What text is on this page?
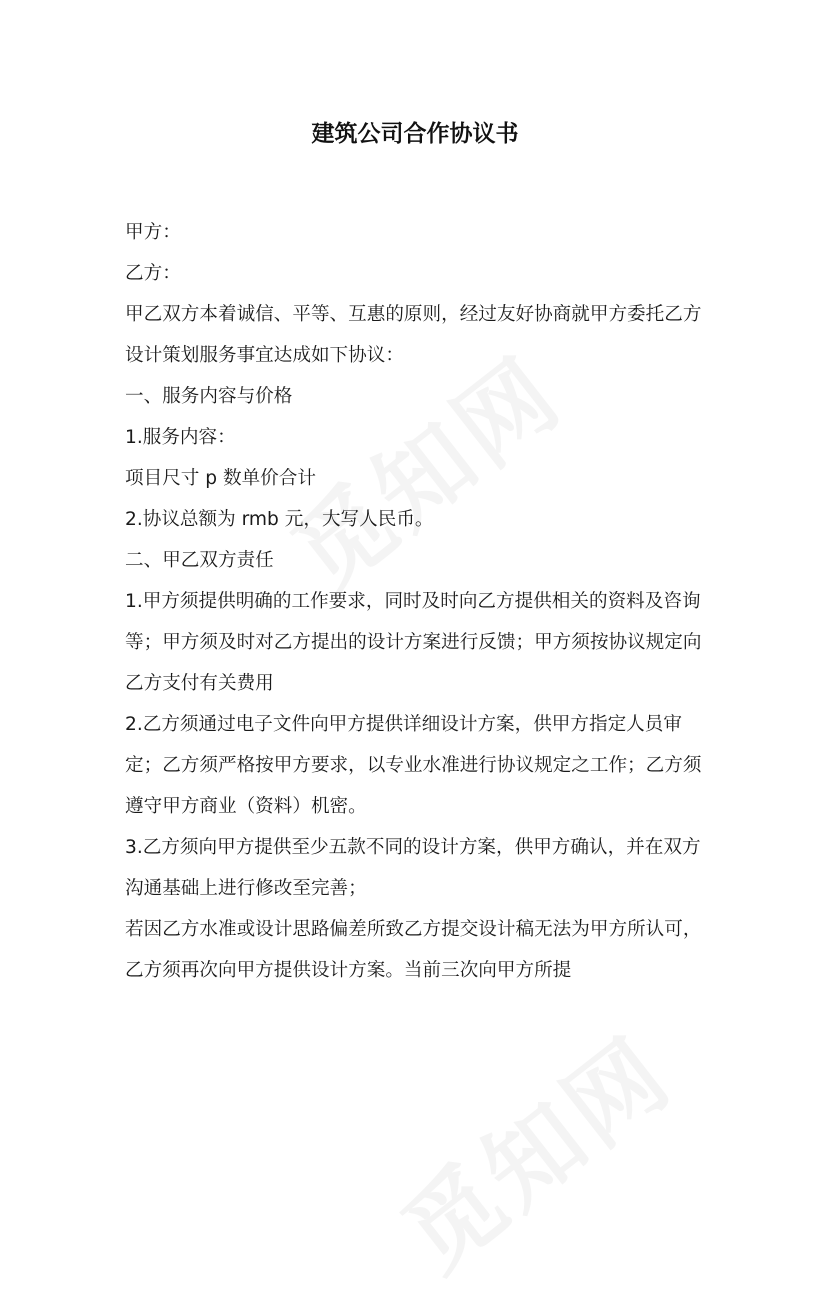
建筑公司合作协议书

甲方：

乙方：

甲乙双方本着诚信、平等、互惠的原则，经过友好协商就甲方委托乙方设计策划服务事宜达成如下协议：

一、服务内容与价格

1.服务内容：

项目尺寸 p 数单价合计

2.协议总额为 rmb 元，大写人民币。

二、甲乙双方责任

1.甲方须提供明确的工作要求，同时及时向乙方提供相关的资料及咨询等；甲方须及时对乙方提出的设计方案进行反馈；甲方须按协议规定向乙方支付有关费用

2.乙方须通过电子文件向甲方提供详细设计方案，供甲方指定人员审定；乙方须严格按甲方要求，以专业水准进行协议规定之工作；乙方须遵守甲方商业（资料）机密。

3.乙方须向甲方提供至少五款不同的设计方案，供甲方确认，并在双方沟通基础上进行修改至完善；

若因乙方水准或设计思路偏差所致乙方提交设计稿无法为甲方所认可，乙方须再次向甲方提供设计方案。当前三次向甲方所提
